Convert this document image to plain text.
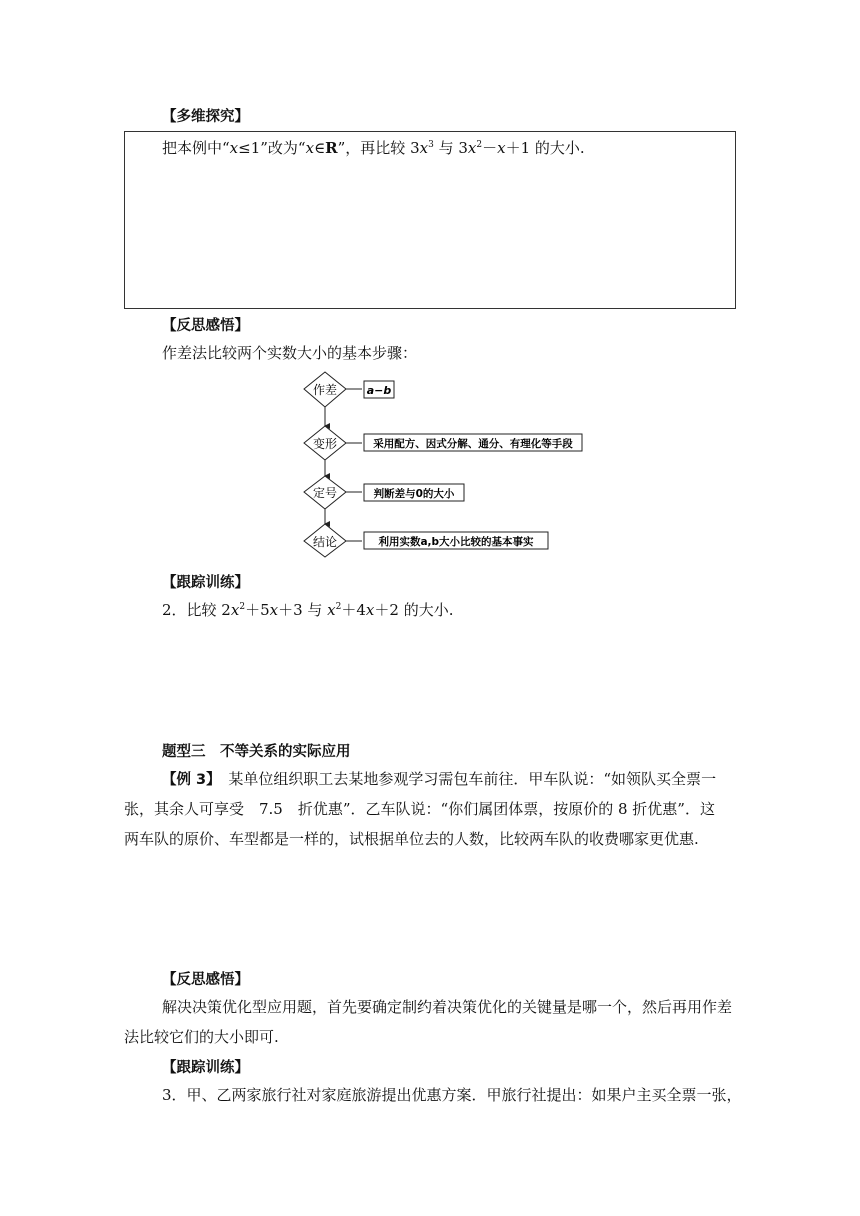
【多维探究】
把本例中“x≤1”改为“x∈R”，再比较 $3x^3$ 与 $3x^2-x+1$ 的大小.
【反思感悟】
作差法比较两个实数大小的基本步骤：
作差	a−b
变形	采用配方、因式分解、通分、有理化等手段
定号	判断差与0的大小
结论	利用实数a,b大小比较的基本事实
【跟踪训练】
2．比较 $2x^2+5x+3$ 与 $x^2+4x+2$ 的大小.
题型三　不等关系的实际应用
【例 3】　某单位组织职工去某地参观学习需包车前往．甲车队说：“如领队买全票一
张，其余人可享受　7.5　折优惠”．乙车队说：“你们属团体票，按原价的 8 折优惠”．这
两车队的原价、车型都是一样的，试根据单位去的人数，比较两车队的收费哪家更优惠.
【反思感悟】
解决决策优化型应用题，首先要确定制约着决策优化的关键量是哪一个，然后再用作差
法比较它们的大小即可.
【跟踪训练】
3．甲、乙两家旅行社对家庭旅游提出优惠方案．甲旅行社提出：如果户主买全票一张，
